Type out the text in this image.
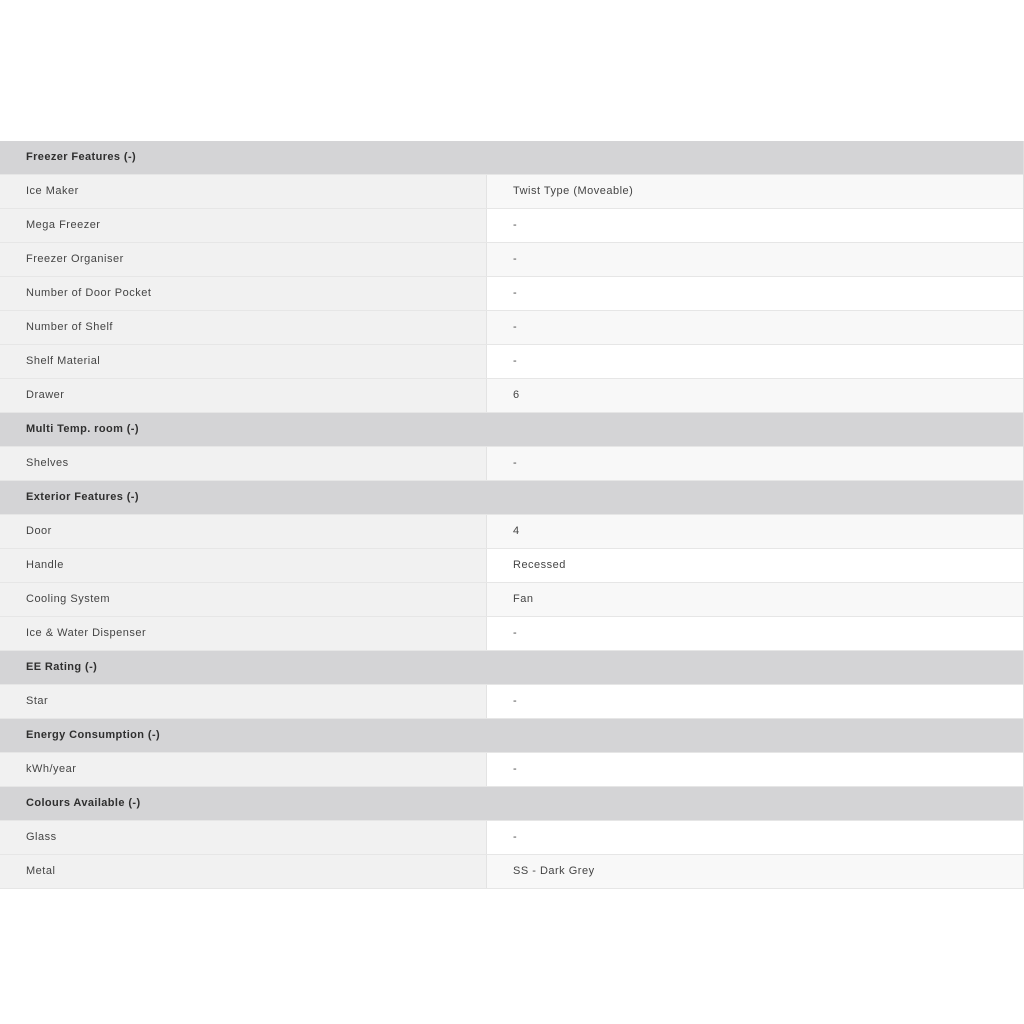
Freezer Features (-)
Ice Maker	Twist Type (Moveable)
Mega Freezer	-
Freezer Organiser	-
Number of Door Pocket	-
Number of Shelf	-
Shelf Material	-
Drawer	6
Multi Temp. room (-)
Shelves	-
Exterior Features (-)
Door	4
Handle	Recessed
Cooling System	Fan
Ice & Water Dispenser	-
EE Rating (-)
Star	-
Energy Consumption (-)
kWh/year	-
Colours Available (-)
Glass	-
Metal	SS - Dark Grey
